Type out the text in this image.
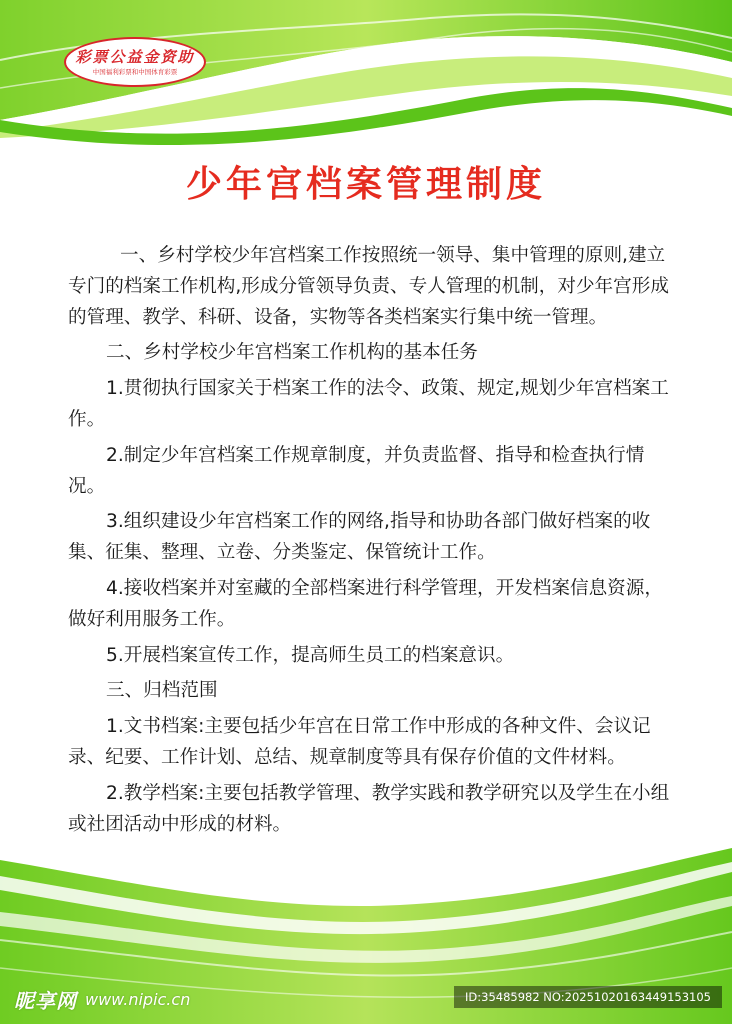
彩票公益金资助
中国福利彩票和中国体育彩票
少年宫档案管理制度

一、乡村学校少年宫档案工作按照统一领导、集中管理的原则,建立专门的档案工作机构,形成分管领导负责、专人管理的机制，对少年宫形成的管理、教学、科研、设备，实物等各类档案实行集中统一管理。

二、乡村学校少年宫档案工作机构的基本任务

1.贯彻执行国家关于档案工作的法令、政策、规定,规划少年宫档案工作。

2.制定少年宫档案工作规章制度，并负责监督、指导和检查执行情况。

3.组织建设少年宫档案工作的网络,指导和协助各部门做好档案的收集、征集、整理、立卷、分类鉴定、保管统计工作。

4.接收档案并对室藏的全部档案进行科学管理，开发档案信息资源，做好利用服务工作。

5.开展档案宣传工作，提高师生员工的档案意识。

三、归档范围

1.文书档案:主要包括少年宫在日常工作中形成的各种文件、会议记录、纪要、工作计划、总结、规章制度等具有保存价值的文件材料。

2.教学档案:主要包括教学管理、教学实践和教学研究以及学生在小组或社团活动中形成的材料。

昵享网 www.nipic.cn	ID:35485982 NO:20251020163449153105
